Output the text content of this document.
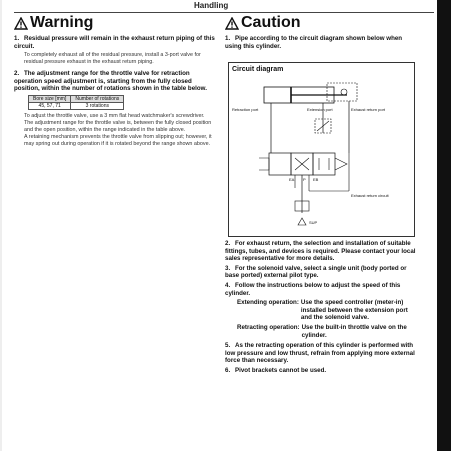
Handling
Warning

1. Residual pressure will remain in the exhaust return piping of this circuit.

To completely exhaust all of the residual pressure, install a 3-port valve for residual pressure exhaust in the exhaust return piping.

2. The adjustment range for the throttle valve for retraction operation speed adjustment is, starting from the fully closed position, within the number of rotations shown in the table below.

Bore size [mm]	Number of rotations
45, 57, 71	3 rotations

To adjust the throttle valve, use a 3 mm flat head watchmaker's screwdriver.

The adjustment range for the throttle valve is, between the fully closed position and the open position, within the range indicated in the table above.

A retaining mechanism prevents the throttle valve from slipping out; however, it may spring out during operation if it is rotated beyond the range shown above.

Caution

1. Pipe according to the circuit diagram shown below when using this cylinder.

Circuit diagram
Retraction port	Extension port	Exhaust return port
EA P EB
Exhaust return circuit
SUP

2. For exhaust return, the selection and installation of suitable fittings, tubes, and devices is required. Please contact your local sales representative for more details.

3. For the solenoid valve, select a single unit (body ported or base ported) external pilot type.

4. Follow the instructions below to adjust the speed of this cylinder.

Extending operation: Use the speed controller (meter-in) installed between the extension port and the solenoid valve.
Retracting operation: Use the built-in throttle valve on the cylinder.

5. As the retracting operation of this cylinder is performed with low pressure and low thrust, refrain from applying more external force than necessary.

6. Pivot brackets cannot be used.
